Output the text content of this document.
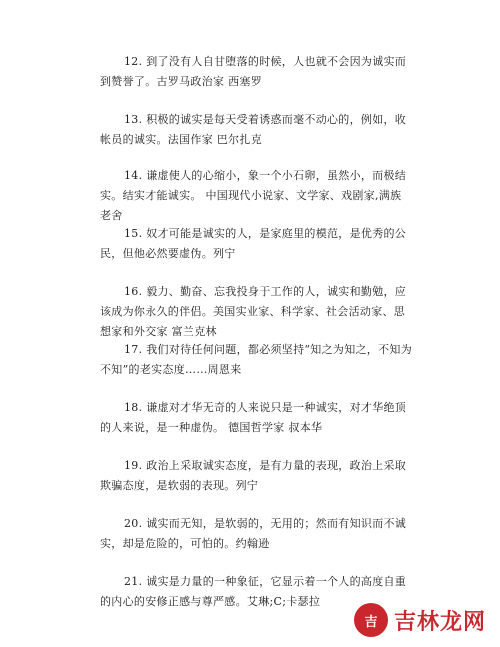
12. 到了没有人自甘堕落的时候，人也就不会因为诚实而到赞誉了。古罗马政治家 西塞罗

13. 积极的诚实是每天受着诱惑而毫不动心的，例如，收帐员的诚实。法国作家 巴尔扎克

14. 谦虚使人的心缩小，象一个小石卵，虽然小，而极结实。结实才能诚实。 中国现代小说家、文学家、戏剧家,满族 老舍

15. 奴才可能是诚实的人，是家庭里的模范，是优秀的公民，但他必然要虚伪。列宁

16. 毅力、勤奋、忘我投身于工作的人，诚实和勤勉，应该成为你永久的伴侣。美国实业家、科学家、社会活动家、思想家和外交家 富兰克林

17. 我们对待任何问题，都必须坚持“知之为知之，不知为不知”的老实态度……周恩来

18. 谦虚对才华无奇的人来说只是一种诚实，对才华绝顶的人来说，是一种虚伪。 德国哲学家 叔本华

19. 政治上采取诚实态度，是有力量的表现，政治上采取欺骗态度，是软弱的表现。列宁

20. 诚实而无知，是软弱的，无用的；然而有知识而不诚实，却是危险的，可怕的。约翰逊

21. 诚实是力量的一种象征，它显示着一个人的高度自重的内心的安修正感与尊严感。艾琳;C;卡瑟拉

吉 吉林龙网
